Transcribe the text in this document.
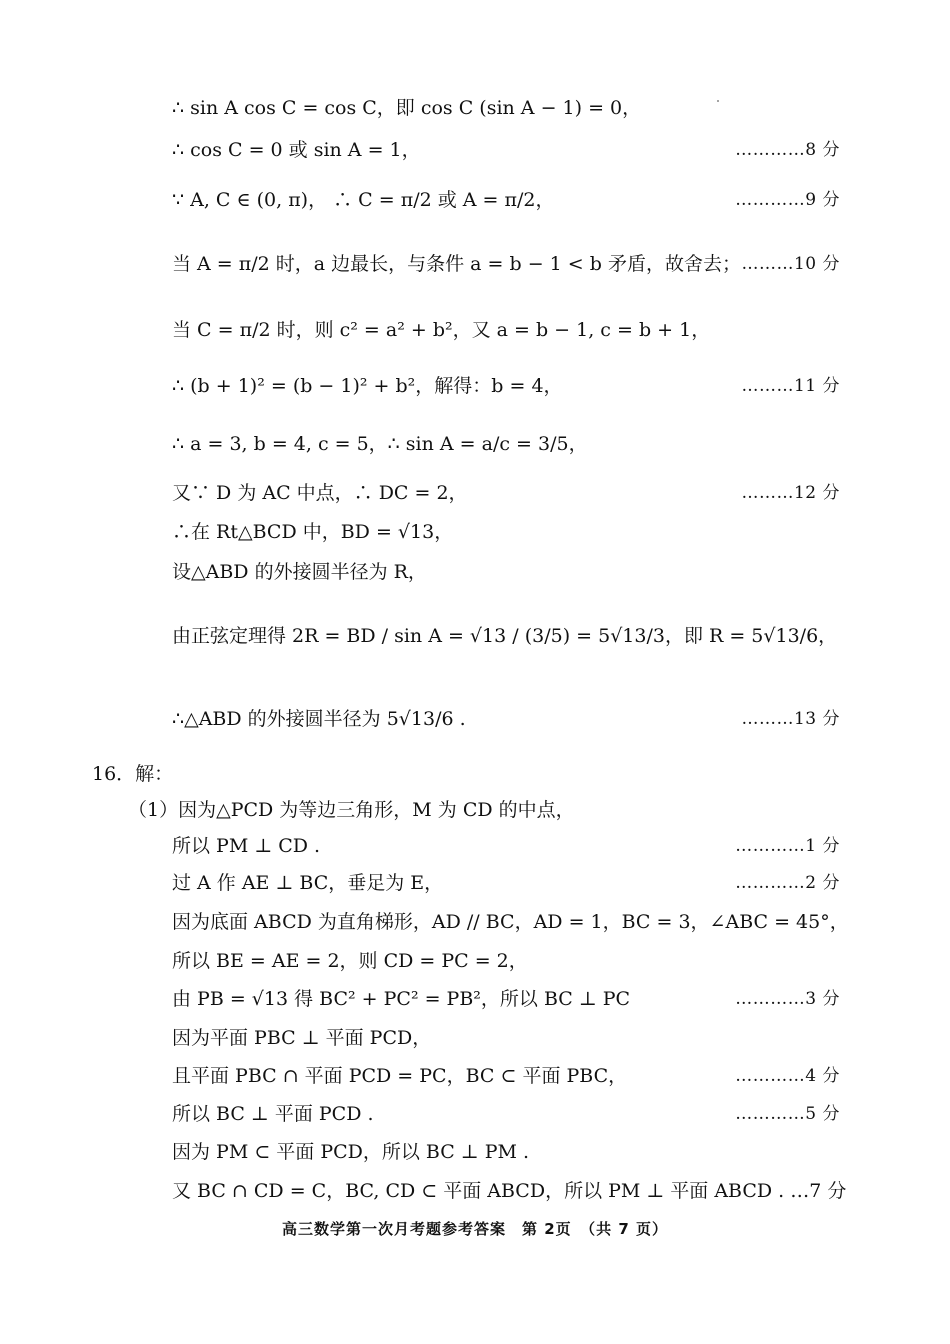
∴ sin A cos C = cos C，即 cos C (sin A − 1) = 0，
∴ cos C = 0 或 sin A = 1，	…………8 分
∵ A, C ∈ (0, π)， ∴ C = π/2 或 A = π/2，	…………9 分
当 A = π/2 时，a 边最长，与条件 a = b − 1 < b 矛盾，故舍去； ………10 分
当 C = π/2 时，则 c² = a² + b²，又 a = b − 1, c = b + 1，
∴ (b + 1)² = (b − 1)² + b²，解得：b = 4，	………11 分
∴ a = 3, b = 4, c = 5，∴ sin A = a/c = 3/5，
又∵ D 为 AC 中点，∴ DC = 2，	………12 分
∴在 Rt△BCD 中，BD = √13，
设△ABD 的外接圆半径为 R，
由正弦定理得 2R = BD / sin A = √13 / (3/5) = 5√13/3，即 R = 5√13/6，
∴△ABD 的外接圆半径为 5√13/6 .	………13 分
16．解：
（1）因为△PCD 为等边三角形，M 为 CD 的中点，
所以 PM ⊥ CD .	…………1 分
过 A 作 AE ⊥ BC，垂足为 E，	…………2 分
因为底面 ABCD 为直角梯形，AD // BC，AD = 1，BC = 3，∠ABC = 45°，
所以 BE = AE = 2，则 CD = PC = 2，
由 PB = √13 得 BC² + PC² = PB²，所以 BC ⊥ PC	…………3 分
因为平面 PBC ⊥ 平面 PCD，
且平面 PBC ∩ 平面 PCD = PC，BC ⊂ 平面 PBC，	…………4 分
所以 BC ⊥ 平面 PCD .	…………5 分
因为 PM ⊂ 平面 PCD，所以 BC ⊥ PM .
又 BC ∩ CD = C，BC, CD ⊂ 平面 ABCD，所以 PM ⊥ 平面 ABCD . …7 分
高三数学第一次月考题参考答案　第 2页　（共 7 页）
